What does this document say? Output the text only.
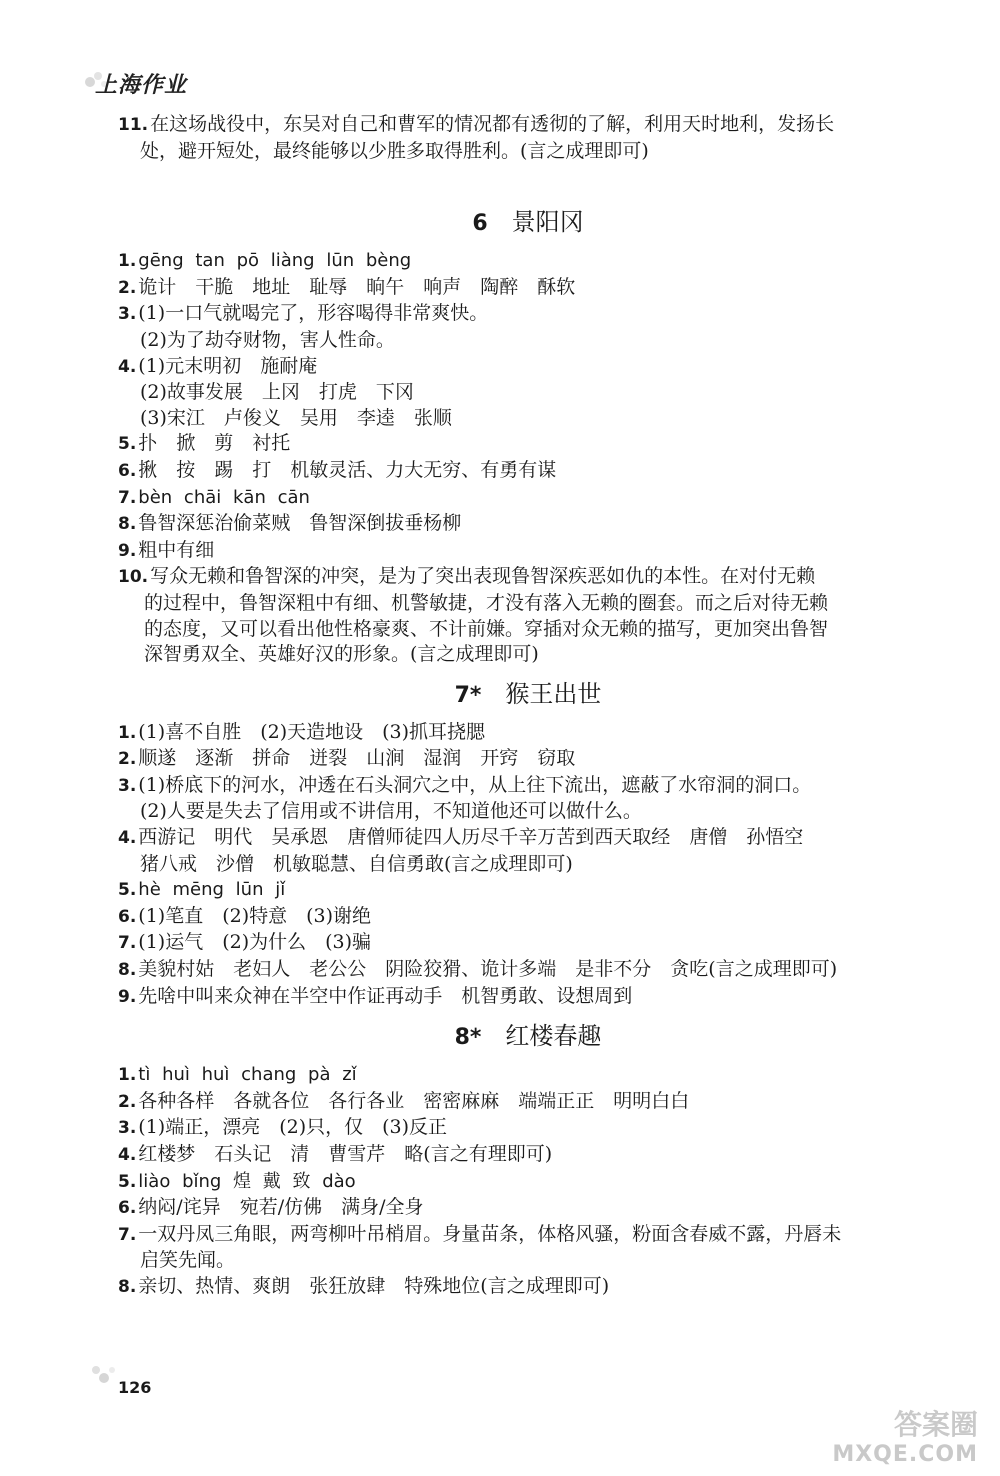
上海作业

11. 在这场战役中，东吴对自己和曹军的情况都有透彻的了解，利用天时地利，发扬长

处，避开短处，最终能够以少胜多取得胜利。(言之成理即可)

6 景阳冈

1. gēng tan pō liàng lūn bèng

2. 诡计　干脆　地址　耻辱　晌午　响声　陶醉　酥软

3. (1)一口气就喝完了，形容喝得非常爽快。

(2)为了劫夺财物，害人性命。

4. (1)元末明初　施耐庵

(2)故事发展　上冈　打虎　下冈

(3)宋江　卢俊义　吴用　李逵　张顺

5. 扑　掀　剪　衬托

6. 揪　按　踢　打　机敏灵活、力大无穷、有勇有谋

7. bèn chāi kān cān

8. 鲁智深惩治偷菜贼　鲁智深倒拔垂杨柳

9. 粗中有细

10. 写众无赖和鲁智深的冲突，是为了突出表现鲁智深疾恶如仇的本性。在对付无赖

的过程中，鲁智深粗中有细、机警敏捷，才没有落入无赖的圈套。而之后对待无赖

的态度，又可以看出他性格豪爽、不计前嫌。穿插对众无赖的描写，更加突出鲁智

深智勇双全、英雄好汉的形象。(言之成理即可)

7* 猴王出世

1. (1)喜不自胜　(2)天造地设　(3)抓耳挠腮

2. 顺遂　逐渐　拼命　迸裂　山涧　湿润　开窍　窃取

3. (1)桥底下的河水，冲透在石头洞穴之中，从上往下流出，遮蔽了水帘洞的洞口。

(2)人要是失去了信用或不讲信用，不知道他还可以做什么。

4. 西游记　明代　吴承恩　唐僧师徒四人历尽千辛万苦到西天取经　唐僧　孙悟空

猪八戒　沙僧　机敏聪慧、自信勇敢(言之成理即可)

5. hè mēng lūn jǐ

6. (1)笔直　(2)特意　(3)谢绝

7. (1)运气　(2)为什么　(3)骗

8. 美貌村姑　老妇人　老公公　阴险狡猾、诡计多端　是非不分　贪吃(言之成理即可)

9. 先啥中叫来众神在半空中作证再动手　机智勇敢、设想周到

8* 红楼春趣

1. tì huì huì chang pà zǐ

2. 各种各样　各就各位　各行各业　密密麻麻　端端正正　明明白白

3. (1)端正，漂亮　(2)只，仅　(3)反正

4. 红楼梦　石头记　清　曹雪芹　略(言之有理即可)

5. liào bǐng 煌 戴 致 dào

6. 纳闷/诧异　宛若/仿佛　满身/全身

7. 一双丹凤三角眼，两弯柳叶吊梢眉。身量苗条，体格风骚，粉面含春威不露，丹唇未

启笑先闻。

8. 亲切、热情、爽朗　张狂放肆　特殊地位(言之成理即可)

126
答案圈
MXQE.COM
